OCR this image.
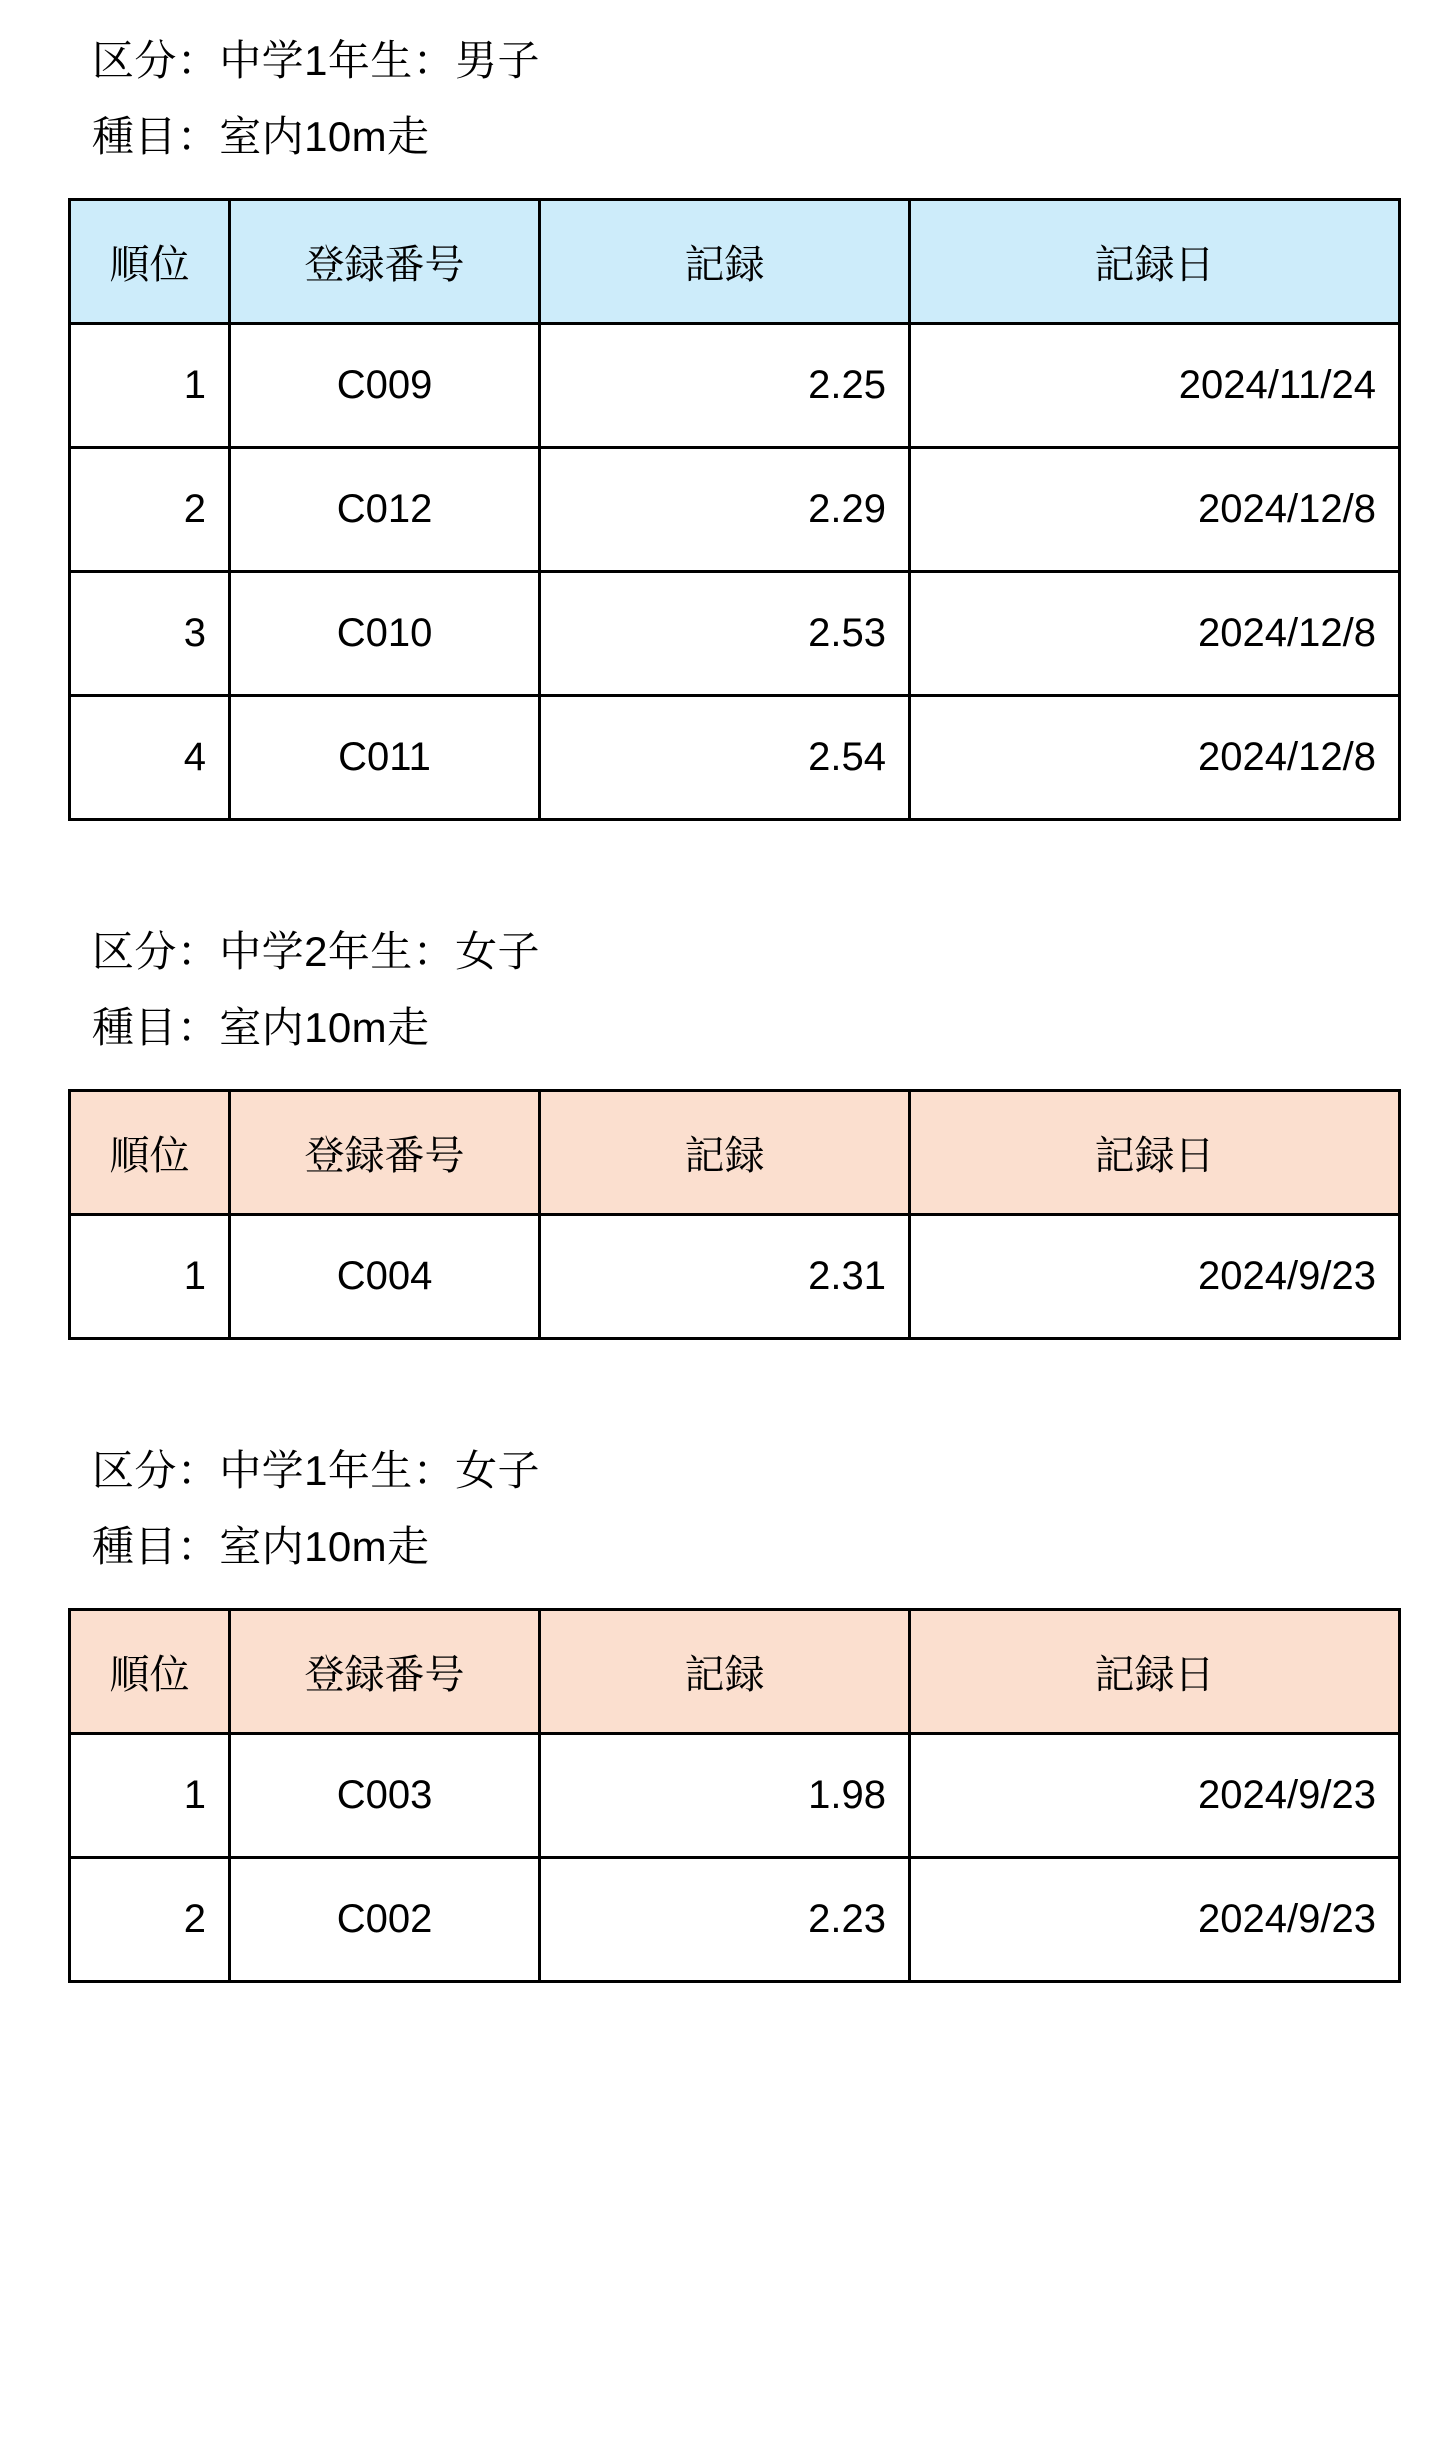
区分：中学1年生：男子
種目：室内10m走
順位	登録番号	記録	記録日
1	C009	2.25	2024/11/24
2	C012	2.29	2024/12/8
3	C010	2.53	2024/12/8
4	C011	2.54	2024/12/8
区分：中学2年生：女子
種目：室内10m走
順位	登録番号	記録	記録日
1	C004	2.31	2024/9/23
区分：中学1年生：女子
種目：室内10m走
順位	登録番号	記録	記録日
1	C003	1.98	2024/9/23
2	C002	2.23	2024/9/23
